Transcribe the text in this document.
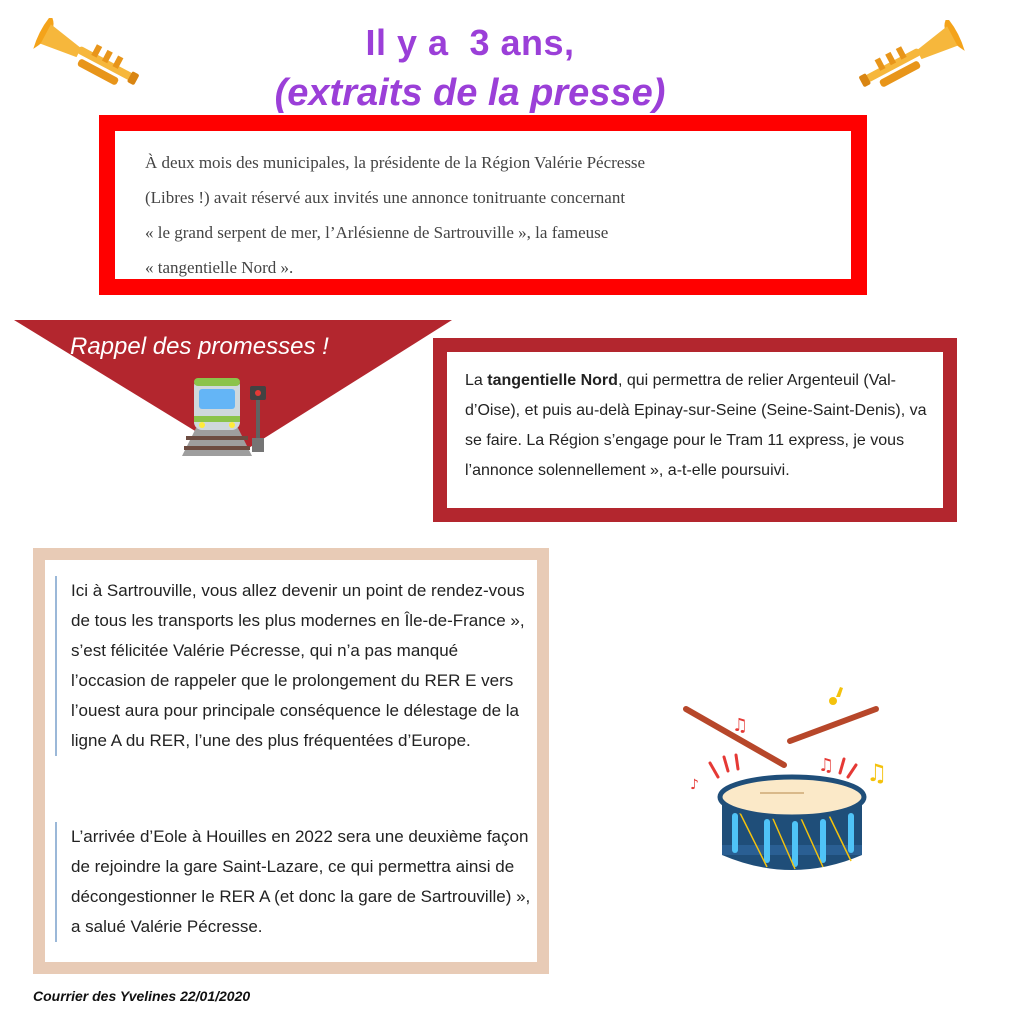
Il y a  3 ans,
(extraits de la presse)
À deux mois des municipales, la présidente de la Région Valérie Pécresse
(Libres !) avait réservé aux invités une annonce tonitruante concernant
« le grand serpent de mer, l’Arlésienne de Sartrouville », la fameuse
« tangentielle Nord ».
Rappel des promesses !
La tangentielle Nord, qui permettra de relier Argenteuil (Val-d’Oise), et puis au-delà Epinay-sur-Seine (Seine-Saint-Denis), va se faire. La Région s’engage pour le Tram 11 express, je vous l’annonce solennellement », a-t-elle poursuivi.
Ici à Sartrouville, vous allez devenir un point de rendez-vous de tous les transports les plus modernes en Île-de-France », s’est félicitée Valérie Pécresse, qui n’a pas manqué l’occasion de rappeler que le prolongement du RER E vers l’ouest aura pour principale conséquence le délestage de la ligne A du RER, l’une des plus fréquentées d’Europe.
L’arrivée d’Eole à Houilles en 2022 sera une deuxième façon de rejoindre la gare Saint-Lazare, ce qui permettra ainsi de décongestionner le RER A (et donc la gare de Sartrouville) », a salué Valérie Pécresse.
♫
♫ ♫
♪
Courrier des Yvelines 22/01/2020
